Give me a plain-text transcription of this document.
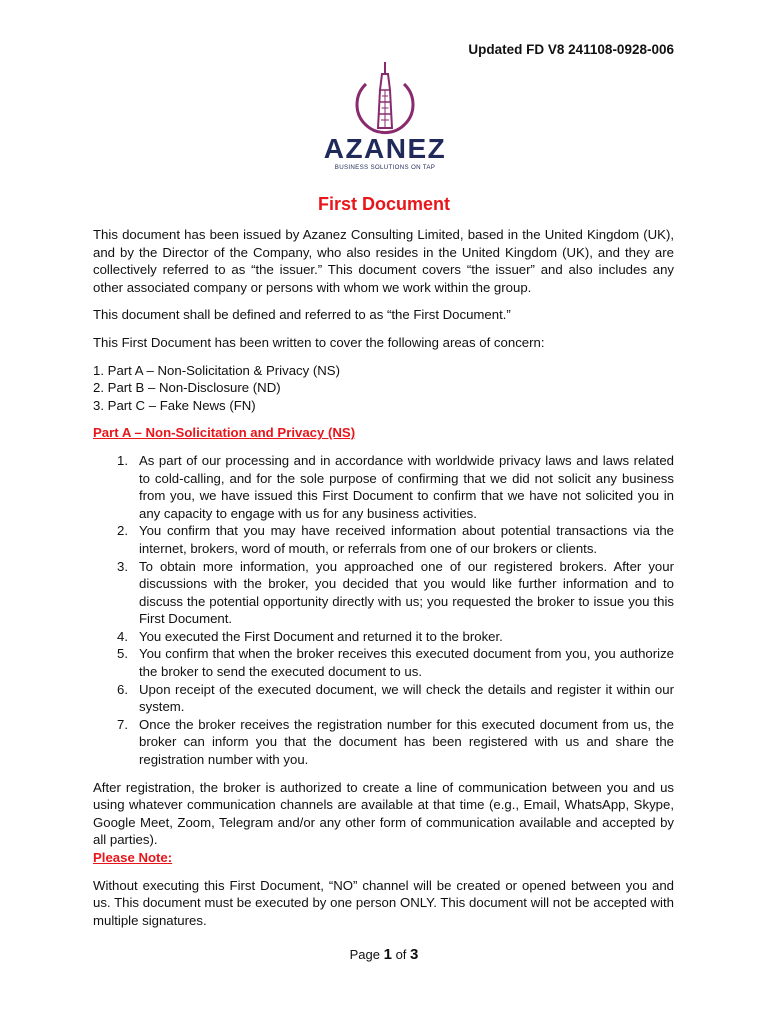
Updated FD V8 241108-0928-006
AZANEZ
BUSINESS SOLUTIONS ON TAP
First Document

This document has been issued by Azanez Consulting Limited, based in the United Kingdom (UK), and by the Director of the Company, who also resides in the United Kingdom (UK), and they are collectively referred to as “the issuer.” This document covers “the issuer” and also includes any other associated company or persons with whom we work within the group.

This document shall be defined and referred to as “the First Document.”

This First Document has been written to cover the following areas of concern:

1. Part A – Non-Solicitation & Privacy (NS)
2. Part B – Non-Disclosure (ND)
3. Part C – Fake News (FN)
Part A – Non-Solicitation and Privacy (NS)
1. As part of our processing and in accordance with worldwide privacy laws and laws related to cold-calling, and for the sole purpose of confirming that we did not solicit any business from you, we have issued this First Document to confirm that we have not solicited you in any capacity to engage with us for any business activities.
2. You confirm that you may have received information about potential transactions via the internet, brokers, word of mouth, or referrals from one of our brokers or clients.
3. To obtain more information, you approached one of our registered brokers. After your discussions with the broker, you decided that you would like further information and to discuss the potential opportunity directly with us; you requested the broker to issue you this First Document.
4. You executed the First Document and returned it to the broker.
5. You confirm that when the broker receives this executed document from you, you authorize the broker to send the executed document to us.
6. Upon receipt of the executed document, we will check the details and register it within our system.
7. Once the broker receives the registration number for this executed document from us, the broker can inform you that the document has been registered with us and share the registration number with you.

After registration, the broker is authorized to create a line of communication between you and us using whatever communication channels are available at that time (e.g., Email, WhatsApp, Skype, Google Meet, Zoom, Telegram and/or any other form of communication available and accepted by all parties).

Please Note:

Without executing this First Document, “NO” channel will be created or opened between you and us. This document must be executed by one person ONLY. This document will not be accepted with multiple signatures.

Page 1 of 3
